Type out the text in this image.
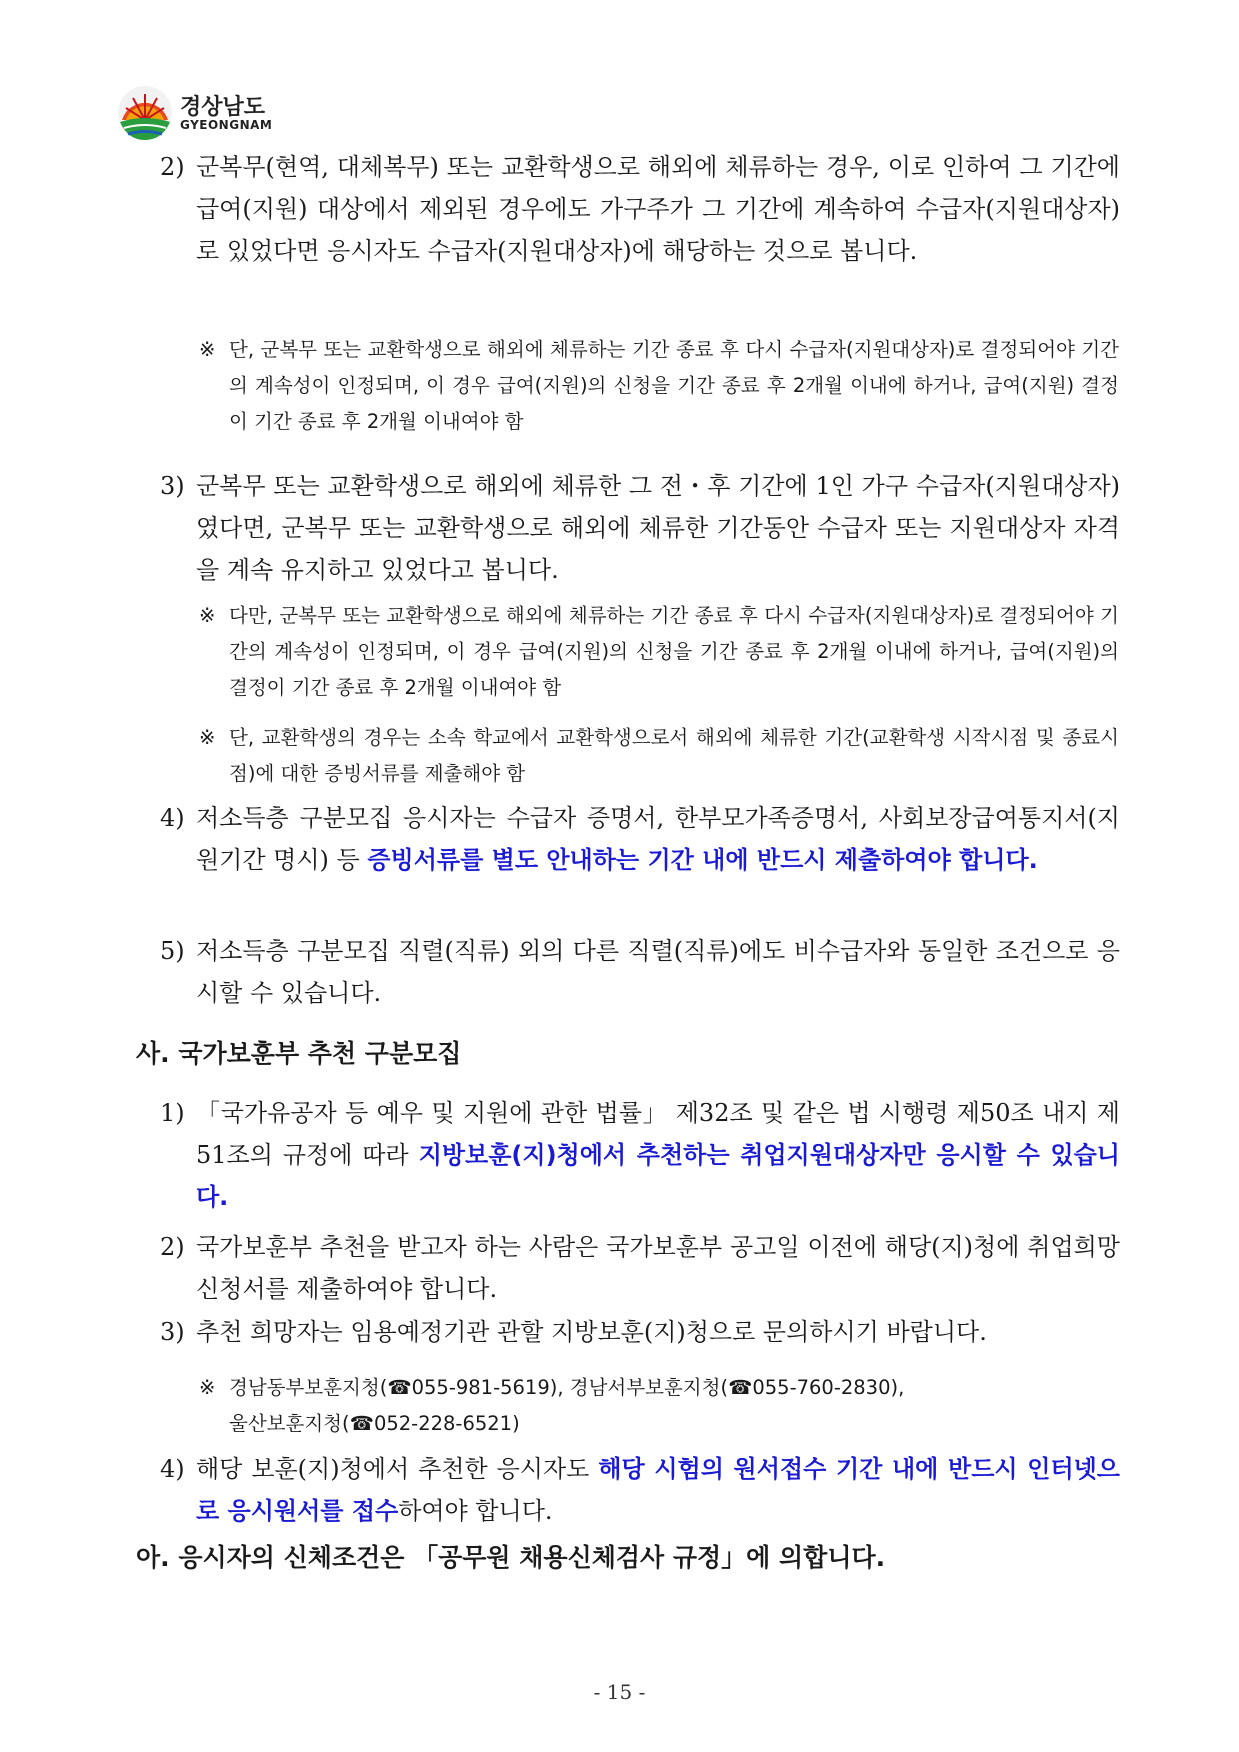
경상남도
GYEONGNAM
2) 군복무(현역, 대체복무) 또는 교환학생으로 해외에 체류하는 경우, 이로 인하여 그 기간에 급여(지원) 대상에서 제외된 경우에도 가구주가 그 기간에 계속하여 수급자(지원대상자)로 있었다면 응시자도 수급자(지원대상자)에 해당하는 것으로 봅니다.
※ 단, 군복무 또는 교환학생으로 해외에 체류하는 기간 종료 후 다시 수급자(지원대상자)로 결정되어야 기간의 계속성이 인정되며, 이 경우 급여(지원)의 신청을 기간 종료 후 2개월 이내에 하거나, 급여(지원) 결정이 기간 종료 후 2개월 이내여야 함
3) 군복무 또는 교환학생으로 해외에 체류한 그 전・후 기간에 1인 가구 수급자(지원대상자)였다면, 군복무 또는 교환학생으로 해외에 체류한 기간동안 수급자 또는 지원대상자 자격을 계속 유지하고 있었다고 봅니다.
※ 다만, 군복무 또는 교환학생으로 해외에 체류하는 기간 종료 후 다시 수급자(지원대상자)로 결정되어야 기간의 계속성이 인정되며, 이 경우 급여(지원)의 신청을 기간 종료 후 2개월 이내에 하거나, 급여(지원)의 결정이 기간 종료 후 2개월 이내여야 함
※ 단, 교환학생의 경우는 소속 학교에서 교환학생으로서 해외에 체류한 기간(교환학생 시작시점 및 종료시점)에 대한 증빙서류를 제출해야 함
4) 저소득층 구분모집 응시자는 수급자 증명서, 한부모가족증명서, 사회보장급여통지서(지원기간 명시) 등 증빙서류를 별도 안내하는 기간 내에 반드시 제출하여야 합니다.
5) 저소득층 구분모집 직렬(직류) 외의 다른 직렬(직류)에도 비수급자와 동일한 조건으로 응시할 수 있습니다.
사. 국가보훈부 추천 구분모집
1) 「국가유공자 등 예우 및 지원에 관한 법률」 제32조 및 같은 법 시행령 제50조 내지 제51조의 규정에 따라 지방보훈(지)청에서 추천하는 취업지원대상자만 응시할 수 있습니다.
2) 국가보훈부 추천을 받고자 하는 사람은 국가보훈부 공고일 이전에 해당(지)청에 취업희망신청서를 제출하여야 합니다.
3) 추천 희망자는 임용예정기관 관할 지방보훈(지)청으로 문의하시기 바랍니다.
※ 경남동부보훈지청(☎055-981-5619), 경남서부보훈지청(☎055-760-2830),
울산보훈지청(☎052-228-6521)
4) 해당 보훈(지)청에서 추천한 응시자도 해당 시험의 원서접수 기간 내에 반드시 인터넷으로 응시원서를 접수하여야 합니다.
아. 응시자의 신체조건은 「공무원 채용신체검사 규정」에 의합니다.
- 15 -
